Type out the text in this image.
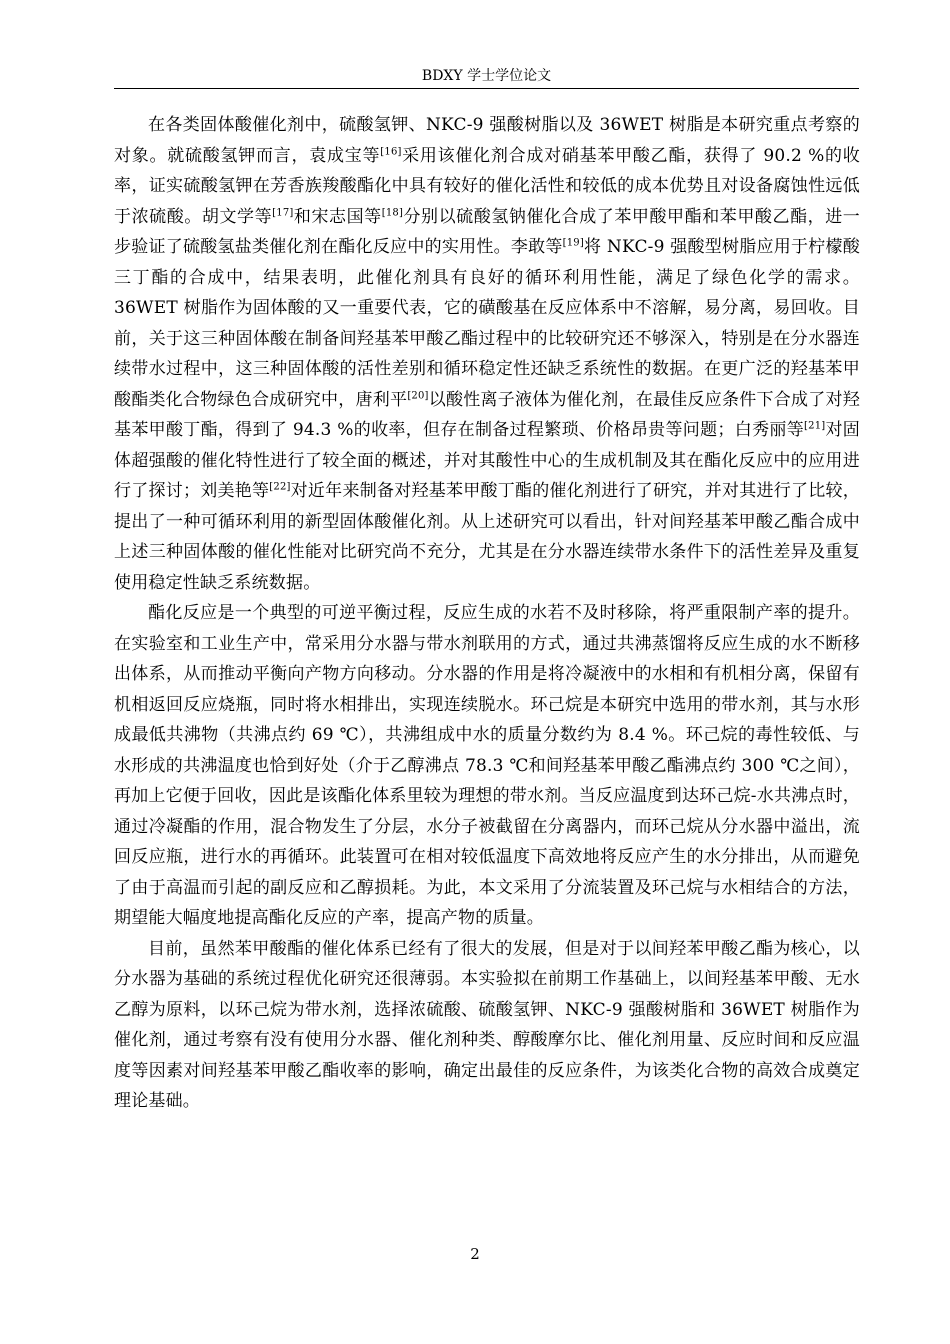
BDXY 学士学位论文

在各类固体酸催化剂中，硫酸氢钾、NKC-9 强酸树脂以及 36WET 树脂是本研究重点考察的对象。就硫酸氢钾而言，袁成宝等[16]采用该催化剂合成对硝基苯甲酸乙酯，获得了 90.2 %的收率，证实硫酸氢钾在芳香族羧酸酯化中具有较好的催化活性和较低的成本优势且对设备腐蚀性远低于浓硫酸。胡文学等[17]和宋志国等[18]分别以硫酸氢钠催化合成了苯甲酸甲酯和苯甲酸乙酯，进一步验证了硫酸氢盐类催化剂在酯化反应中的实用性。李敢等[19]将 NKC-9 强酸型树脂应用于柠檬酸三丁酯的合成中，结果表明，此催化剂具有良好的循环利用性能，满足了绿色化学的需求。36WET 树脂作为固体酸的又一重要代表，它的磺酸基在反应体系中不溶解，易分离，易回收。目前，关于这三种固体酸在制备间羟基苯甲酸乙酯过程中的比较研究还不够深入，特别是在分水器连续带水过程中，这三种固体酸的活性差别和循环稳定性还缺乏系统性的数据。在更广泛的羟基苯甲酸酯类化合物绿色合成研究中，唐利平[20]以酸性离子液体为催化剂，在最佳反应条件下合成了对羟基苯甲酸丁酯，得到了 94.3 %的收率，但存在制备过程繁琐、价格昂贵等问题；白秀丽等[21]对固体超强酸的催化特性进行了较全面的概述，并对其酸性中心的生成机制及其在酯化反应中的应用进行了探讨；刘美艳等[22]对近年来制备对羟基苯甲酸丁酯的催化剂进行了研究，并对其进行了比较，提出了一种可循环利用的新型固体酸催化剂。从上述研究可以看出，针对间羟基苯甲酸乙酯合成中上述三种固体酸的催化性能对比研究尚不充分，尤其是在分水器连续带水条件下的活性差异及重复使用稳定性缺乏系统数据。

酯化反应是一个典型的可逆平衡过程，反应生成的水若不及时移除，将严重限制产率的提升。在实验室和工业生产中，常采用分水器与带水剂联用的方式，通过共沸蒸馏将反应生成的水不断移出体系，从而推动平衡向产物方向移动。分水器的作用是将冷凝液中的水相和有机相分离，保留有机相返回反应烧瓶，同时将水相排出，实现连续脱水。环己烷是本研究中选用的带水剂，其与水形成最低共沸物（共沸点约 69 ℃），共沸组成中水的质量分数约为 8.4 %。环己烷的毒性较低、与水形成的共沸温度也恰到好处（介于乙醇沸点 78.3 ℃和间羟基苯甲酸乙酯沸点约 300 ℃之间），再加上它便于回收，因此是该酯化体系里较为理想的带水剂。当反应温度到达环己烷-水共沸点时，通过冷凝酯的作用，混合物发生了分层，水分子被截留在分离器内，而环己烷从分水器中溢出，流回反应瓶，进行水的再循环。此装置可在相对较低温度下高效地将反应产生的水分排出，从而避免了由于高温而引起的副反应和乙醇损耗。为此，本文采用了分流装置及环己烷与水相结合的方法，期望能大幅度地提高酯化反应的产率，提高产物的质量。

目前，虽然苯甲酸酯的催化体系已经有了很大的发展，但是对于以间羟苯甲酸乙酯为核心，以分水器为基础的系统过程优化研究还很薄弱。本实验拟在前期工作基础上，以间羟基苯甲酸、无水乙醇为原料，以环己烷为带水剂，选择浓硫酸、硫酸氢钾、NKC-9 强酸树脂和 36WET 树脂作为催化剂，通过考察有没有使用分水器、催化剂种类、醇酸摩尔比、催化剂用量、反应时间和反应温度等因素对间羟基苯甲酸乙酯收率的影响，确定出最佳的反应条件，为该类化合物的高效合成奠定理论基础。

2
